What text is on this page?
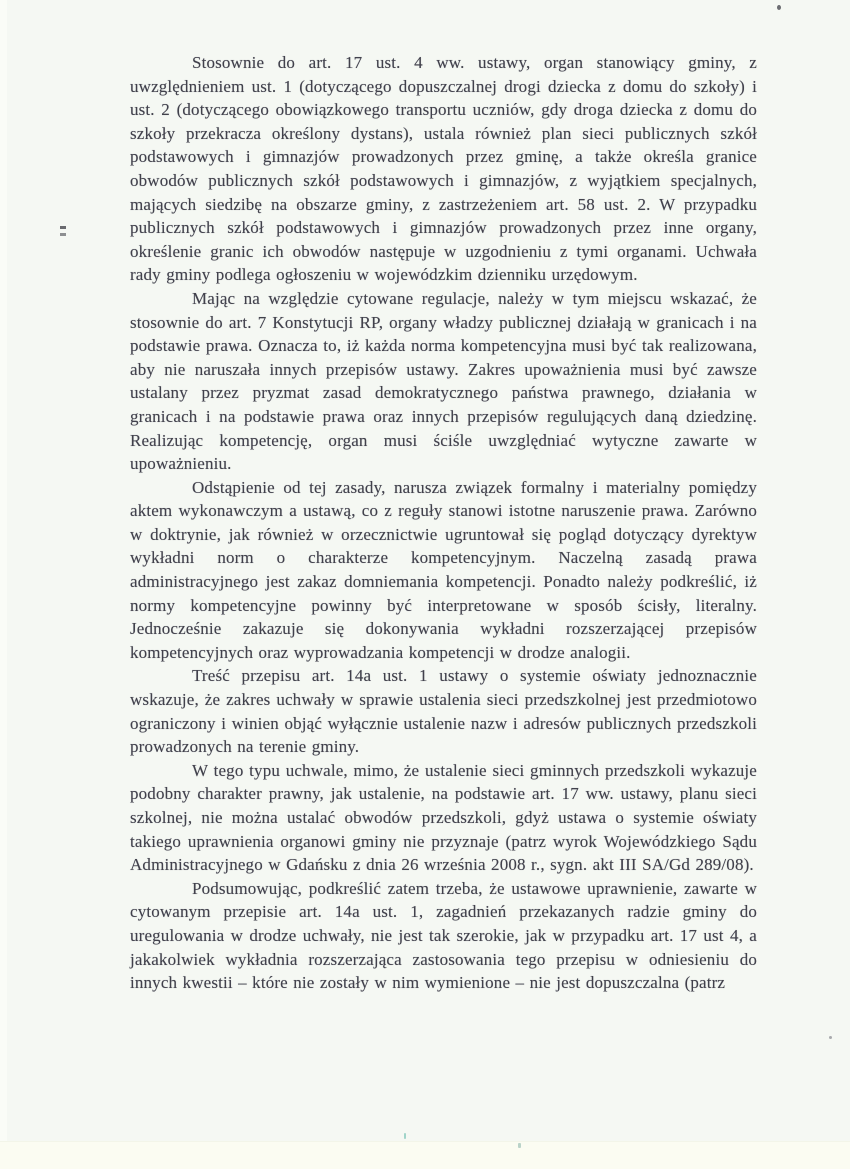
Stosownie do art. 17 ust. 4 ww. ustawy, organ stanowiący gminy, z uwzględnieniem ust. 1 (dotyczącego dopuszczalnej drogi dziecka z domu do szkoły) i ust. 2 (dotyczącego obowiązkowego transportu uczniów, gdy droga dziecka z domu do szkoły przekracza określony dystans), ustala również plan sieci publicznych szkół podstawowych i gimnazjów prowadzonych przez gminę, a także określa granice obwodów publicznych szkół podstawowych i gimnazjów, z wyjątkiem specjalnych, mających siedzibę na obszarze gminy, z zastrzeżeniem art. 58 ust. 2. W przypadku publicznych szkół podstawowych i gimnazjów prowadzonych przez inne organy, określenie granic ich obwodów następuje w uzgodnieniu z tymi organami. Uchwała rady gminy podlega ogłoszeniu w wojewódzkim dzienniku urzędowym.

Mając na względzie cytowane regulacje, należy w tym miejscu wskazać, że stosownie do art. 7 Konstytucji RP, organy władzy publicznej działają w granicach i na podstawie prawa. Oznacza to, iż każda norma kompetencyjna musi być tak realizowana, aby nie naruszała innych przepisów ustawy. Zakres upoważnienia musi być zawsze ustalany przez pryzmat zasad demokratycznego państwa prawnego, działania w granicach i na podstawie prawa oraz innych przepisów regulujących daną dziedzinę. Realizując kompetencję, organ musi ściśle uwzględniać wytyczne zawarte w upoważnieniu.

Odstąpienie od tej zasady, narusza związek formalny i materialny pomiędzy aktem wykonawczym a ustawą, co z reguły stanowi istotne naruszenie prawa. Zarówno w doktrynie, jak również w orzecznictwie ugruntował się pogląd dotyczący dyrektyw wykładni norm o charakterze kompetencyjnym. Naczelną zasadą prawa administracyjnego jest zakaz domniemania kompetencji. Ponadto należy podkreślić, iż normy kompetencyjne powinny być interpretowane w sposób ścisły, literalny. Jednocześnie zakazuje się dokonywania wykładni rozszerzającej przepisów kompetencyjnych oraz wyprowadzania kompetencji w drodze analogii.

Treść przepisu art. 14a ust. 1 ustawy o systemie oświaty jednoznacznie wskazuje, że zakres uchwały w sprawie ustalenia sieci przedszkolnej jest przedmiotowo ograniczony i winien objąć wyłącznie ustalenie nazw i adresów publicznych przedszkoli prowadzonych na terenie gminy.

W tego typu uchwale, mimo, że ustalenie sieci gminnych przedszkoli wykazuje podobny charakter prawny, jak ustalenie, na podstawie art. 17 ww. ustawy, planu sieci szkolnej, nie można ustalać obwodów przedszkoli, gdyż ustawa o systemie oświaty takiego uprawnienia organowi gminy nie przyznaje (patrz wyrok Wojewódzkiego Sądu Administracyjnego w Gdańsku z dnia 26 września 2008 r., sygn. akt III SA/Gd 289/08).

Podsumowując, podkreślić zatem trzeba, że ustawowe uprawnienie, zawarte w cytowanym przepisie art. 14a ust. 1, zagadnień przekazanych radzie gminy do uregulowania w drodze uchwały, nie jest tak szerokie, jak w przypadku art. 17 ust 4, a jakakolwiek wykładnia rozszerzająca zastosowania tego przepisu w odniesieniu do innych kwestii – które nie zostały w nim wymienione – nie jest dopuszczalna (patrz
